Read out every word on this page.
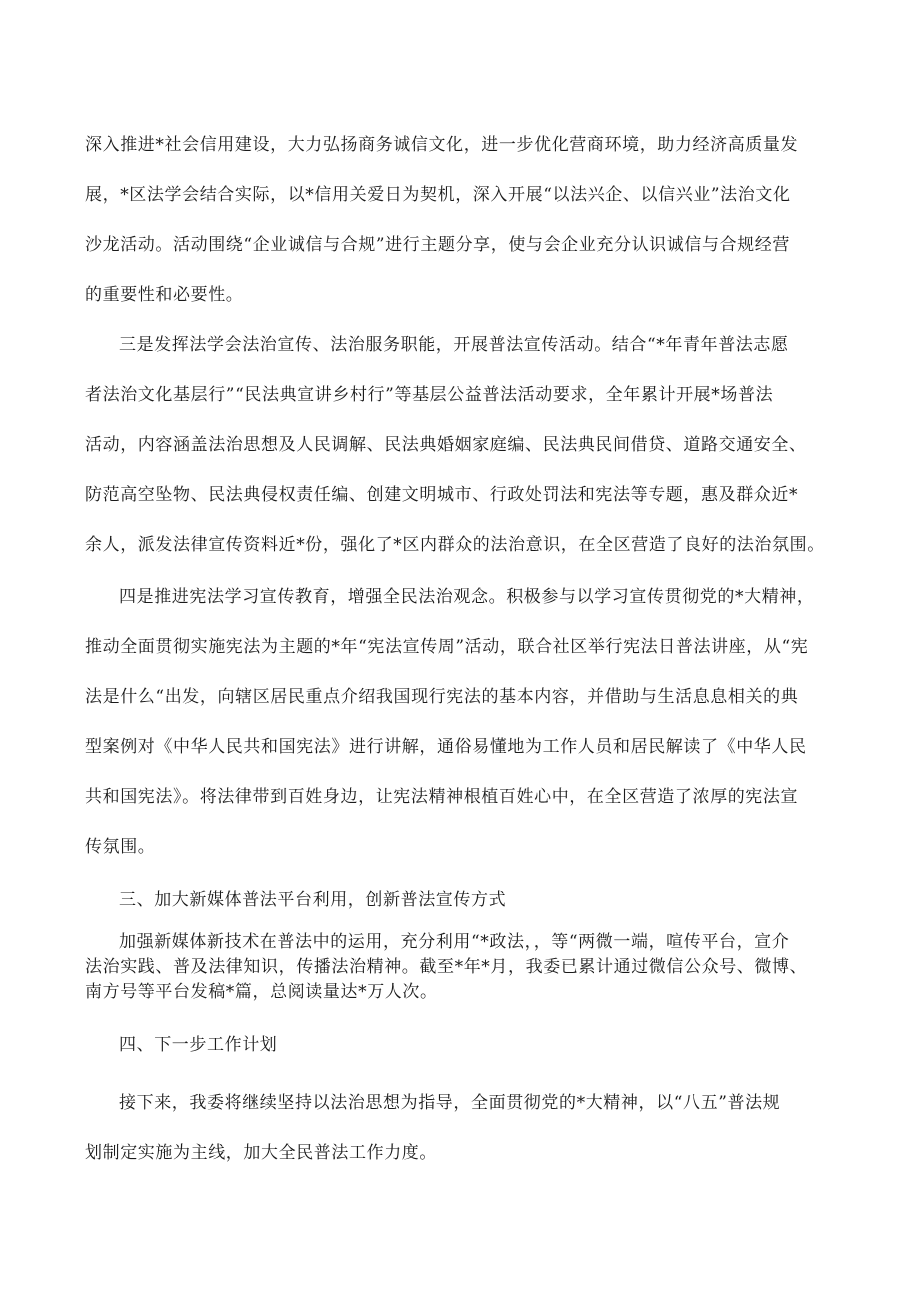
深入推进*社会信用建设，大力弘扬商务诚信文化，进一步优化营商环境，助力经济高质量发
展，*区法学会结合实际，以*信用关爱日为契机，深入开展“以法兴企、以信兴业”法治文化
沙龙活动。活动围绕“企业诚信与合规”进行主题分享，使与会企业充分认识诚信与合规经营
的重要性和必要性。
三是发挥法学会法治宣传、法治服务职能，开展普法宣传活动。结合“*年青年普法志愿
者法治文化基层行”“民法典宣讲乡村行”等基层公益普法活动要求，全年累计开展*场普法
活动，内容涵盖法治思想及人民调解、民法典婚姻家庭编、民法典民间借贷、道路交通安全、
防范高空坠物、民法典侵权责任编、创建文明城市、行政处罚法和宪法等专题，惠及群众近*
余人，派发法律宣传资料近*份，强化了*区内群众的法治意识，在全区营造了良好的法治氛围。
四是推进宪法学习宣传教育，增强全民法治观念。积极参与以学习宣传贯彻党的*大精神，
推动全面贯彻实施宪法为主题的*年“宪法宣传周”活动，联合社区举行宪法日普法讲座，从“宪
法是什么“出发，向辖区居民重点介绍我国现行宪法的基本内容，并借助与生活息息相关的典
型案例对《中华人民共和国宪法》进行讲解，通俗易懂地为工作人员和居民解读了《中华人民
共和国宪法》。将法律带到百姓身边，让宪法精神根植百姓心中，在全区营造了浓厚的宪法宣
传氛围。
三、加大新媒体普法平台利用，创新普法宣传方式
加强新媒体新技术在普法中的运用，充分利用“*政法，，等“两微一端，喧传平台，宣介
法治实践、普及法律知识，传播法治精神。截至*年*月，我委已累计通过微信公众号、微博、
南方号等平台发稿*篇，总阅读量达*万人次。
四、下一步工作计划
接下来，我委将继续坚持以法治思想为指导，全面贯彻党的*大精神，以“八五”普法规
划制定实施为主线，加大全民普法工作力度。
